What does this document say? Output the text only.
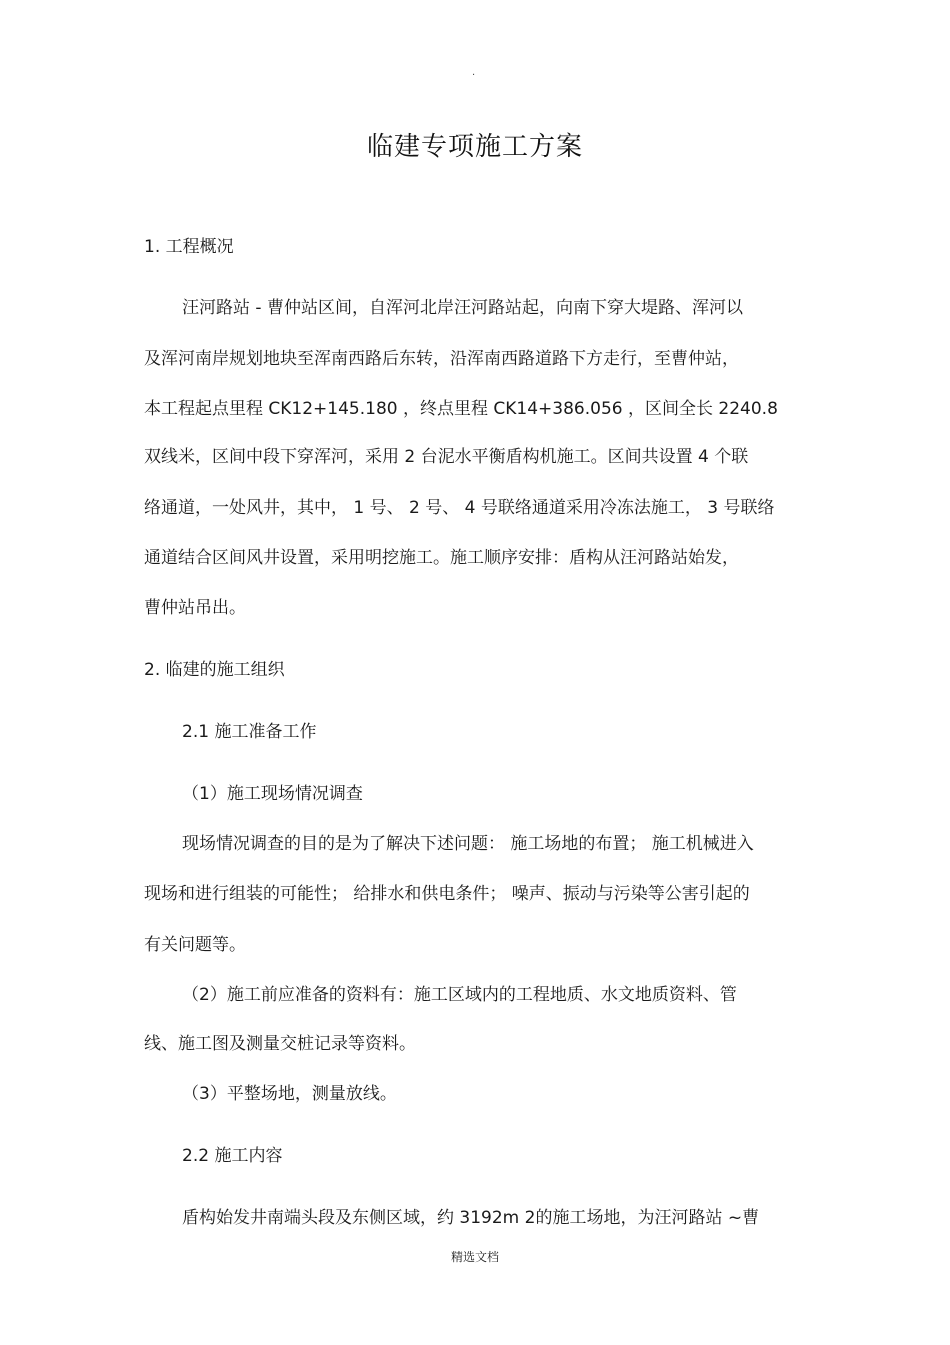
·
临建专项施工方案
1. 工程概况
汪河路站 - 曹仲站区间，自浑河北岸汪河路站起，向南下穿大堤路、浑河以
及浑河南岸规划地块至浑南西路后东转，沿浑南西路道路下方走行，至曹仲站，
本工程起点里程 CK12+145.180 ，终点里程 CK14+386.056 ，区间全长 2240.8
双线米，区间中段下穿浑河，采用 2 台泥水平衡盾构机施工。区间共设置 4 个联
络通道，一处风井，其中， 1 号、 2 号、 4 号联络通道采用冷冻法施工， 3 号联络
通道结合区间风井设置，采用明挖施工。施工顺序安排：盾构从汪河路站始发，
曹仲站吊出。
2. 临建的施工组织
2.1 施工准备工作
（1）施工现场情况调查
现场情况调查的目的是为了解决下述问题： 施工场地的布置； 施工机械进入
现场和进行组装的可能性； 给排水和供电条件； 噪声、振动与污染等公害引起的
有关问题等。
（2）施工前应准备的资料有：施工区域内的工程地质、水文地质资料、管
线、施工图及测量交桩记录等资料。
（3）平整场地，测量放线。
2.2 施工内容
盾构始发井南端头段及东侧区域，约 3192m 2的施工场地，为汪河路站 ~曹
精选文档
